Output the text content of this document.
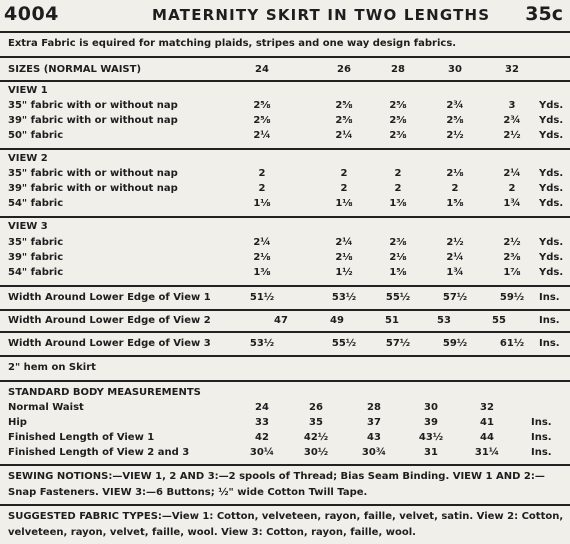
4004	MATERNITY SKIRT IN TWO LENGTHS 35c
Extra Fabric is equired for matching plaids, stripes and one way design fabrics.
SIZES (NORMAL WAIST)	24	26	28	30	32
VIEW 1
35" fabric with or without nap	2⅝	2⅝	2⅝	2¾	3	Yds.
39" fabric with or without nap	2⅝	2⅝	2⅝	2⅝	2¾	Yds.
50" fabric	2¼	2¼	2⅜	2½	2½	Yds.
VIEW 2
35" fabric with or without nap	2	2	2	2⅛	2¼	Yds.
39" fabric with or without nap	2	2	2	2	2	Yds.
54" fabric	1⅛	1⅛	1⅜	1⅝	1¾	Yds.
VIEW 3
35" fabric	2¼	2¼	2⅜	2½	2½	Yds.
39" fabric	2⅛	2⅛	2⅛	2¼	2⅜	Yds.
54" fabric	1⅜	1½	1⅝	1¾	1⅞	Yds.
Width Around Lower Edge of View 1	51½	53½	55½	57½	59½	Ins.
Width Around Lower Edge of View 2	47	49	51	53	55	Ins.
Width Around Lower Edge of View 3	53½	55½	57½	59½	61½	Ins.
2" hem on Skirt
STANDARD BODY MEASUREMENTS
Normal Waist	24	26	28	30	32
Hip	33	35	37	39	41	Ins.
Finished Length of View 1	42	42½	43	43½	44	Ins.
Finished Length of View 2 and 3	30¼	30½	30¾	31	31¼	Ins.
SEWING NOTIONS:—VIEW 1, 2 AND 3:—2 spools of Thread; Bias Seam Binding. VIEW 1 AND 2:—Snap Fasteners. VIEW 3:—6 Buttons; ½" wide Cotton Twill Tape.
SUGGESTED FABRIC TYPES:—View 1: Cotton, velveteen, rayon, faille, velvet, satin. View 2: Cotton, velveteen, rayon, velvet, faille, wool. View 3: Cotton, rayon, faille, wool.
